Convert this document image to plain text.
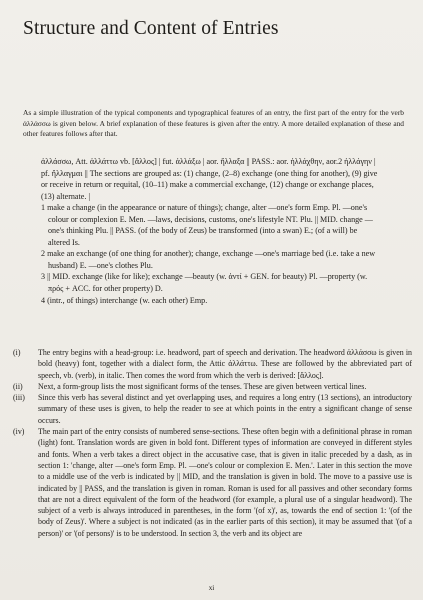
Structure and Content of Entries

As a simple illustration of the typical components and typographical features of an entry, the first part of the entry for the verb ἀλλάσσω is given below. A brief explanation of these features is given after the entry. A more detailed explanation of these and other features follows after that.

ἀλλάσσω, Att. ἀλλάττω vb. [ἄλλος] | fut. ἀλλάξω | aor. ἤλλαξα || PASS.: aor. ἠλλάχθην, aor.2 ἠλλάγην | pf. ἤλλαγμαι || The sections are grouped as: (1) change, (2–8) exchange (one thing for another), (9) give or receive in return or requital, (10–11) make a commercial exchange, (12) change or exchange places, (13) alternate. |

1 make a change (in the appearance or nature of things); change, alter —one's form Emp. Pl. —one's colour or complexion E. Men. —laws, decisions, customs, one's lifestyle NT. Plu. || MID. change —one's thinking Plu. || PASS. (of the body of Zeus) be transformed (into a swan) E.; (of a will) be altered Is.

2 make an exchange (of one thing for another); change, exchange —one's marriage bed (i.e. take a new husband) E. —one's clothes Plu.

3 || MID. exchange (like for like); exchange —beauty (w. ἀντί + GEN. for beauty) Pl. —property (w. πρός + ACC. for other property) D.

4 (intr., of things) interchange (w. each other) Emp.

(i)	The entry begins with a head-group: i.e. headword, part of speech and derivation. The headword ἀλλάσσω is given in bold (heavy) font, together with a dialect form, the Attic ἀλλάττω. These are followed by the abbreviated part of speech, vb. (verb), in italic. Then comes the word from which the verb is derived: [ἄλλος].
(ii)	Next, a form-group lists the most significant forms of the tenses. These are given between vertical lines.
(iii)	Since this verb has several distinct and yet overlapping uses, and requires a long entry (13 sections), an introductory summary of these uses is given, to help the reader to see at which points in the entry a significant change of sense occurs.
(iv)	The main part of the entry consists of numbered sense-sections. These often begin with a definitional phrase in roman (light) font. Translation words are given in bold font. Different types of information are conveyed in different styles and fonts. When a verb takes a direct object in the accusative case, that is given in italic preceded by a dash, as in section 1: 'change, alter —one's form Emp. Pl. —one's colour or complexion E. Men.'. Later in this section the move to a middle use of the verb is indicated by || MID, and the translation is given in bold. The move to a passive use is indicated by || PASS, and the translation is given in roman. Roman is used for all passives and other secondary forms that are not a direct equivalent of the form of the headword (for example, a plural use of a singular headword). The subject of a verb is always introduced in parentheses, in the form '(of x)', as, towards the end of section 1: '(of the body of Zeus)'. Where a subject is not indicated (as in the earlier parts of this section), it may be assumed that '(of a person)' or '(of persons)' is to be understood. In section 3, the verb and its object are
xi
